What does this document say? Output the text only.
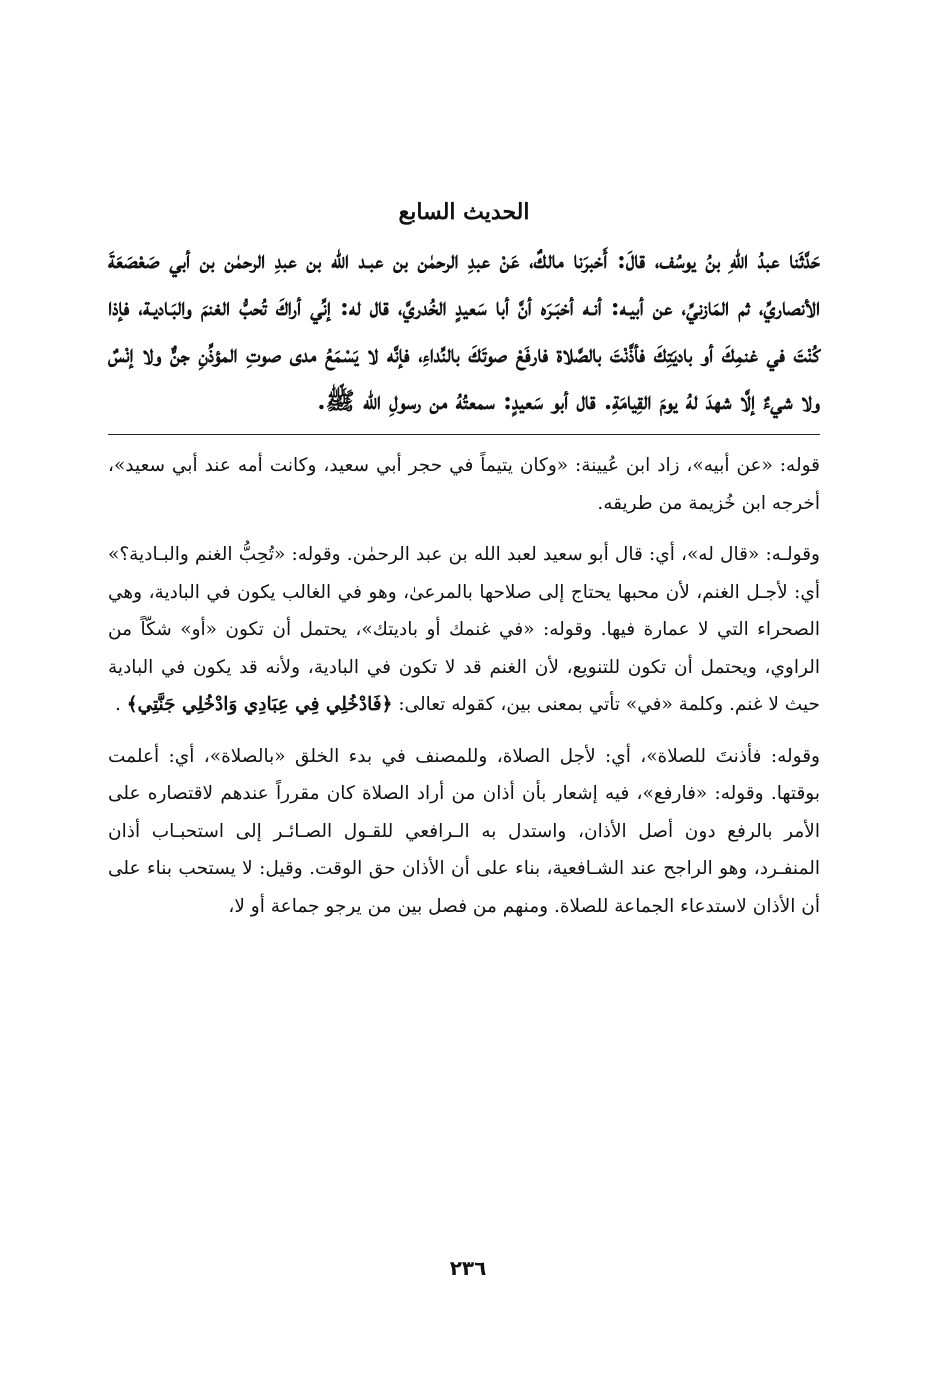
الحديث السابع

حَدَّثَنا عبدُ اللهِ بنُ يوسُف، قالَ: أَخبرَنا مالكٌ، عَنْ عبدِ الرحمٰن بن عبـد الله بن عبدِ الرحمٰن بن أبي صَعْصَعَةَ الأنصاريِّ، ثم المَازنيِّ، عن أبيـه: أنـه أخبَـرَه أنَّ أبا سَعيدٍ الخُدريَّ، قال له: إنِّي أراكَ تُحبُّ الغنمَ والبَـاديـة، فإذا كُنْتَ في غنمِكَ أو باديَتِكَ فأذَّنْتَ بالصَّلاة فارفَعْ صوتَكَ بالنِّداءِ، فإنَّه لا يَسْمَعُ مدى صوتِ المؤذِّنِ جنٌّ ولا إنْسٌ ولا شيءٌ إلَّا شهدَ لهُ يومَ القِيامَةِ. قال أبو سَعيدٍ: سمعتُهُ من رسولِ الله ﷺ.

قوله: «عن أبيه»، زاد ابن عُيينة: «وكان يتيماً في حجر أبي سعيد، وكانت أمه عند أبي سعيد»، أخرجه ابن خُزيمة من طريقه.

وقولـه: «قال له»، أي: قال أبو سعيد لعبد الله بن عبد الرحمٰن. وقوله: «تُحِبُّ الغنم والبـادية؟» أي: لأجـل الغنم، لأن محبها يحتاج إلى صلاحها بالمرعىٰ، وهو في الغالب يكون في البادية، وهي الصحراء التي لا عمارة فيها. وقوله: «في غنمك أو باديتك»، يحتمل أن تكون «أو» شكّاً من الراوي، ويحتمل أن تكون للتنويع، لأن الغنم قد لا تكون في البادية، ولأنه قد يكون في البادية حيث لا غنم. وكلمة «في» تأتي بمعنى بين، كقوله تعالى: ﴿فَادْخُلِي فِي عِبَادِي وَادْخُلِي جَنَّتِي﴾ .

وقوله: فأذنتَ للصلاة»، أي: لأجل الصلاة، وللمصنف في بدء الخلق «بالصلاة»، أي: أعلمت بوقتها. وقوله: «فارفع»، فيه إشعار بأن أذان من أراد الصلاة كان مقرراً عندهم لاقتصاره على الأمر بالرفع دون أصل الأذان، واستدل به الـرافعي للقـول الصـائـر إلى استحبـاب أذان المنفـرد، وهو الراجح عند الشـافعية، بناء على أن الأذان حق الوقت. وقيل: لا يستحب بناء على أن الأذان لاستدعاء الجماعة للصلاة. ومنهم من فصل بين من يرجو جماعة أو لا،

٢٣٦
